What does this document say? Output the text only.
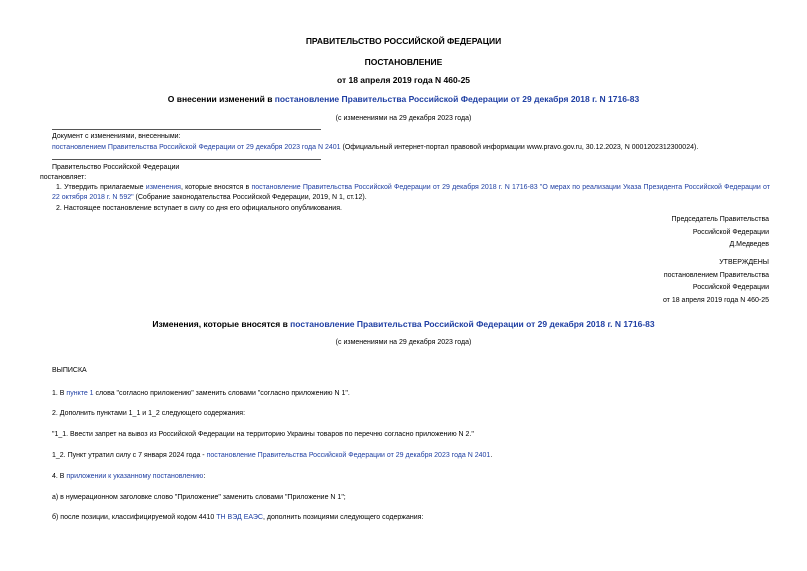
ПРАВИТЕЛЬСТВО РОССИЙСКОЙ ФЕДЕРАЦИИ
ПОСТАНОВЛЕНИЕ
от 18 апреля 2019 года N 460-25
О внесении изменений в постановление Правительства Российской Федерации от 29 декабря 2018 г. N 1716-83
(с изменениями на 29 декабря 2023 года)
Документ с изменениями, внесенными:
постановлением Правительства Российской Федерации от 29 декабря 2023 года N 2401 (Официальный интернет-портал правовой информации www.pravo.gov.ru, 30.12.2023, N 0001202312300024).
Правительство Российской Федерации
постановляет:
1. Утвердить прилагаемые изменения, которые вносятся в постановление Правительства Российской Федерации от 29 декабря 2018 г. N 1716-83 "О мерах по реализации Указа Президента Российской Федерации от 22 октября 2018 г. N 592" (Собрание законодательства Российской Федерации, 2019, N 1, ст.12).
2. Настоящее постановление вступает в силу со дня его официального опубликования.
Председатель Правительства
Российской Федерации
Д.Медведев
УТВЕРЖДЕНЫ
постановлением Правительства
Российской Федерации
от 18 апреля 2019 года N 460-25
Изменения, которые вносятся в постановление Правительства Российской Федерации от 29 декабря 2018 г. N 1716-83
(с изменениями на 29 декабря 2023 года)
ВЫПИСКА
1. В пункте 1 слова "согласно приложению" заменить словами "согласно приложению N 1".
2. Дополнить пунктами 1_1 и 1_2 следующего содержания:
"1_1. Ввести запрет на вывоз из Российской Федерации на территорию Украины товаров по перечню согласно приложению N 2."
1_2. Пункт утратил силу с 7 января 2024 года - постановление Правительства Российской Федерации от 29 декабря 2023 года N 2401.
4. В приложении к указанному постановлению:
а) в нумерационном заголовке слово "Приложение" заменить словами "Приложение N 1";
б) после позиции, классифицируемой кодом 4410 ТН ВЭД ЕАЭС, дополнить позициями следующего содержания:
